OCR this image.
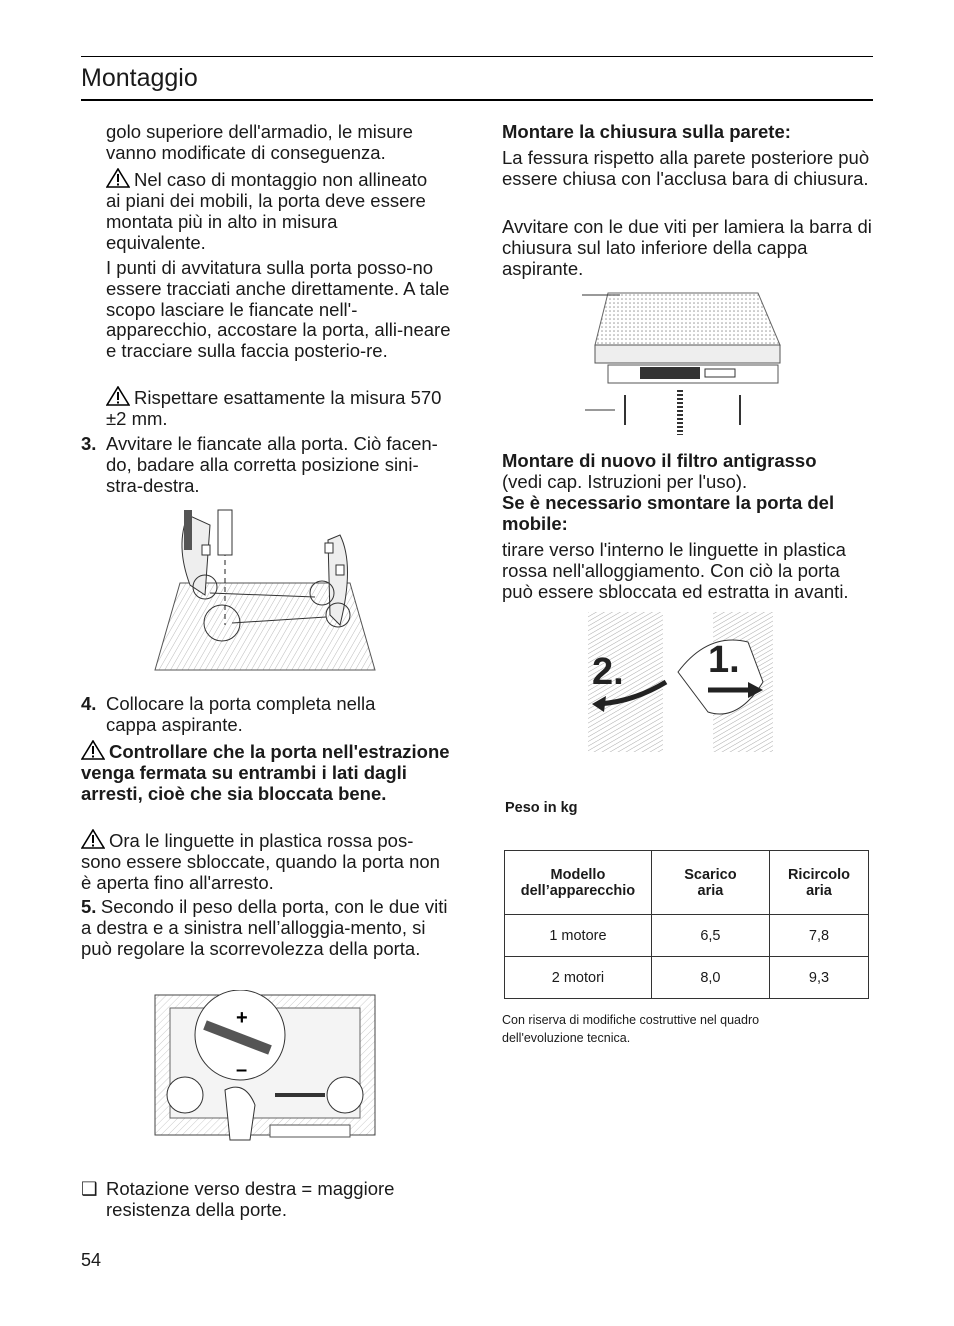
Montaggio

golo superiore dell'armadio, le misure vanno modificate di conseguenza.

Nel caso di montaggio non allineato ai piani dei mobili, la porta deve essere montata più in alto in misura equivalente.

I punti di avvitatura sulla porta posso-no essere tracciati anche direttamente. A tale scopo lasciare le fiancate nell'-apparecchio, accostare la porta, alli-neare e tracciare sulla faccia posterio-re.

Rispettare esattamente la misura 570 ±2 mm.
3. Avvitare le fiancate alla porta. Ciò facen-do, badare alla corretta posizione sini-stra-destra.

4. Collocare la porta completa nella cappa aspirante.

Controllare che la porta nell'estrazione venga fermata su entrambi i lati dagli arresti, cioè che sia bloccata bene.
Ora le linguette in plastica rossa pos-sono essere sbloccate, quando la porta non è aperta fino all'arresto.
5. Secondo il peso della porta, con le due viti a destra e a sinistra nell’alloggia-mento, si può regolare la scorrevolezza della porta.
+
–
❑ Rotazione verso destra = maggiore resistenza della porte.

54

Montare la chiusura sulla parete:

La fessura rispetto alla parete posteriore può essere chiusa con l'acclusa bara di chiusura.

Avvitare con le due viti per lamiera la barra di chiusura sul lato inferiore della cappa aspirante.

Montare di nuovo il filtro antigrasso
(vedi cap. Istruzioni per l'uso).

Se è necessario smontare la porta del mobile:

tirare verso l'interno le linguette in plastica rossa nell'alloggiamento. Con ciò la porta può essere sbloccata ed estratta in avanti.

2. 1.
Peso in kg
Modello dell’apparecchio	Scarico aria	Ricircolo aria
1 motore	6,5	7,8
2 motori	8,0	9,3
Con riserva di modifiche costruttive nel quadro dell'evoluzione tecnica.
